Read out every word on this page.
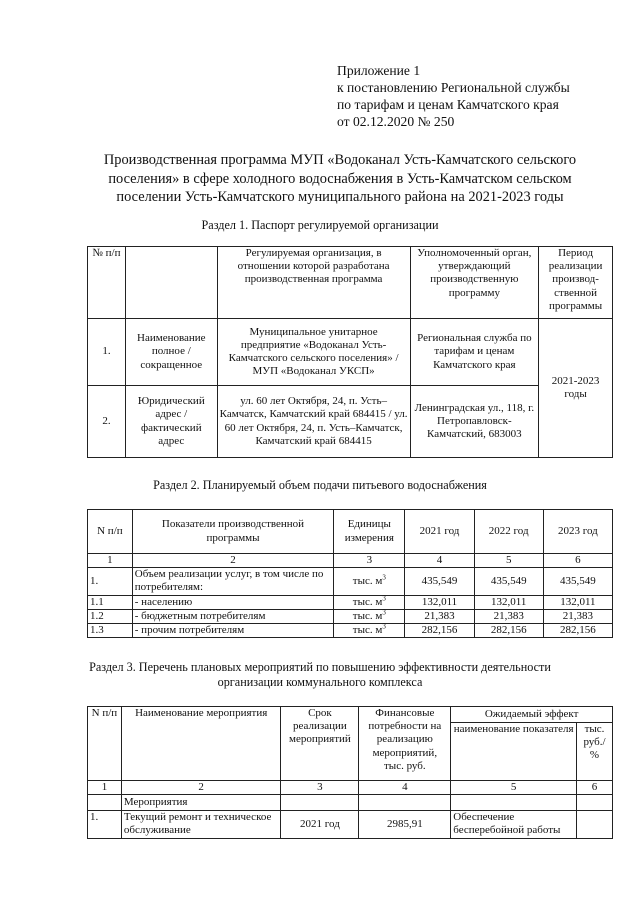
Приложение 1
к постановлению Региональной службы
по тарифам и ценам Камчатского края
от 02.12.2020 № 250
Производственная программа МУП «Водоканал Усть-Камчатского сельского
поселения» в сфере холодного водоснабжения в Усть-Камчатском сельском
поселении Усть-Камчатского муниципального района на 2021-2023 годы
Раздел 1. Паспорт регулируемой организации
№ п/п		Регулируемая организация, в отношении которой разработана производственная программа	Уполномоченный орган, утверждающий производственную программу	Период реализации производ-ственной программы
1.	Наименование полное / сокращенное	Муниципальное унитарное предприятие «Водоканал Усть-Камчатского сельского поселения» / МУП «Водоканал УКСП»	Региональная служба по тарифам и ценам Камчатского края	2021-2023 годы
2.	Юридический адрес / фактический адрес	ул. 60 лет Октября, 24, п. Усть–Камчатск, Камчатский край 684415 / ул. 60 лет Октября, 24, п. Усть–Камчатск, Камчатский край 684415	Ленинградская ул., 118, г. Петропавловск-Камчатский, 683003	
Раздел 2. Планируемый объем подачи питьевого водоснабжения
N п/п	Показатели производственной программы	Единицы измерения	2021 год	2022 год	2023 год
1	2	3	4	5	6
1.	Объем реализации услуг, в том числе по потребителям:	тыс. $м^3$	435,549	435,549	435,549
1.1	- населению	тыс. $м^3$	132,011	132,011	132,011
1.2	- бюджетным потребителям	тыс. $м^3$	21,383	21,383	21,383
1.3	- прочим потребителям	тыс. $м^3$	282,156	282,156	282,156
Раздел 3. Перечень плановых мероприятий по повышению эффективности деятельности
организации коммунального комплекса
N п/п	Наименование мероприятия	Срок реализации мероприятий	Финансовые потребности на реализацию мероприятий, тыс. руб.	Ожидаемый эффект	
				наименование показателя	тыс. руб./ %
1	2	3	4	5	6
	Мероприятия				
1.	Текущий ремонт и техническое обслуживание	2021 год	2985,91	Обеспечение бесперебойной работы	
